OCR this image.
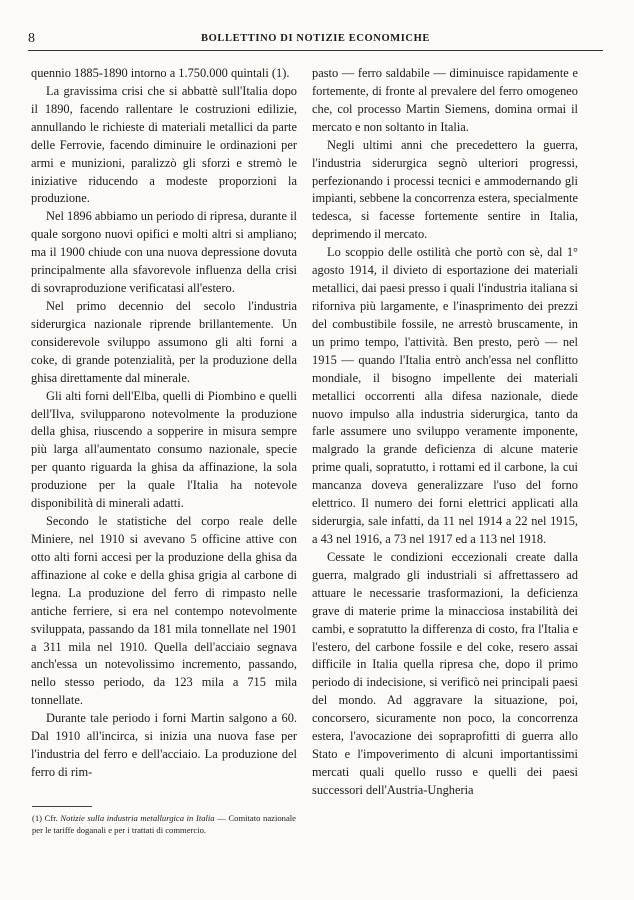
8	BOLLETTINO DI NOTIZIE ECONOMICHE

quennio 1885-1890 intorno a 1.750.000 quintali (1).

La gravissima crisi che si abbattè sull'Italia dopo il 1890, facendo rallentare le costruzioni edilizie, annullando le richieste di materiali metallici da parte delle Ferrovie, facendo diminuire le ordinazioni per armi e munizioni, paralizzò gli sforzi e stremò le iniziative riducendo a modeste proporzioni la produzione.

Nel 1896 abbiamo un periodo di ripresa, durante il quale sorgono nuovi opifici e molti altri si ampliano; ma il 1900 chiude con una nuova depressione dovuta principalmente alla sfavorevole influenza della crisi di sovraproduzione verificatasi all'estero.

Nel primo decennio del secolo l'industria siderurgica nazionale riprende brillantemente. Un considerevole sviluppo assumono gli alti forni a coke, di grande potenzialità, per la produzione della ghisa direttamente dal minerale.

Gli alti forni dell'Elba, quelli di Piombino e quelli dell'Ilva, svilupparono notevolmente la produzione della ghisa, riuscendo a sopperire in misura sempre più larga all'aumentato consumo nazionale, specie per quanto riguarda la ghisa da affinazione, la sola produzione per la quale l'Italia ha notevole disponibilità di minerali adatti.

Secondo le statistiche del corpo reale delle Miniere, nel 1910 si avevano 5 officine attive con otto alti forni accesi per la produzione della ghisa da affinazione al coke e della ghisa grigia al carbone di legna. La produzione del ferro di rimpasto nelle antiche ferriere, si era nel contempo notevolmente sviluppata, passando da 181 mila tonnellate nel 1901 a 311 mila nel 1910. Quella dell'acciaio segnava anch'essa un notevolissimo incremento, passando, nello stesso periodo, da 123 mila a 715 mila tonnellate.

Durante tale periodo i forni Martin salgono a 60. Dal 1910 all'incirca, si inizia una nuova fase per l'industria del ferro e dell'acciaio. La produzione del ferro di rim-

(1) Cfr. Notizie sulla industria metallurgica in Italia — Comitato nazionale per le tariffe doganali e per i trattati di commercio.

pasto — ferro saldabile — diminuisce rapidamente e fortemente, di fronte al prevalere del ferro omogeneo che, col processo Martin Siemens, domina ormai il mercato e non soltanto in Italia.

Negli ultimi anni che precedettero la guerra, l'industria siderurgica segnò ulteriori progressi, perfezionando i processi tecnici e ammodernando gli impianti, sebbene la concorrenza estera, specialmente tedesca, si facesse fortemente sentire in Italia, deprimendo il mercato.

Lo scoppio delle ostilità che portò con sè, dal 1° agosto 1914, il divieto di esportazione dei materiali metallici, dai paesi presso i quali l'industria italiana si riforniva più largamente, e l'inasprimento dei prezzi del combustibile fossile, ne arrestò bruscamente, in un primo tempo, l'attività. Ben presto, però — nel 1915 — quando l'Italia entrò anch'essa nel conflitto mondiale, il bisogno impellente dei materiali metallici occorrenti alla difesa nazionale, diede nuovo impulso alla industria siderurgica, tanto da farle assumere uno sviluppo veramente imponente, malgrado la grande deficienza di alcune materie prime quali, sopratutto, i rottami ed il carbone, la cui mancanza doveva generalizzare l'uso del forno elettrico. Il numero dei forni elettrici applicati alla siderurgia, sale infatti, da 11 nel 1914 a 22 nel 1915, a 43 nel 1916, a 73 nel 1917 ed a 113 nel 1918.

Cessate le condizioni eccezionali create dalla guerra, malgrado gli industriali si affrettassero ad attuare le necessarie trasformazioni, la deficienza grave di materie prime la minacciosa instabilità dei cambi, e sopratutto la differenza di costo, fra l'Italia e l'estero, del carbone fossile e del coke, resero assai difficile in Italia quella ripresa che, dopo il primo periodo di indecisione, si verificò nei principali paesi del mondo. Ad aggravare la situazione, poi, concorsero, sicuramente non poco, la concorrenza estera, l'avocazione dei sopraprofitti di guerra allo Stato e l'impoverimento di alcuni importantissimi mercati quali quello russo e quelli dei paesi successori dell'Austria-Ungheria
